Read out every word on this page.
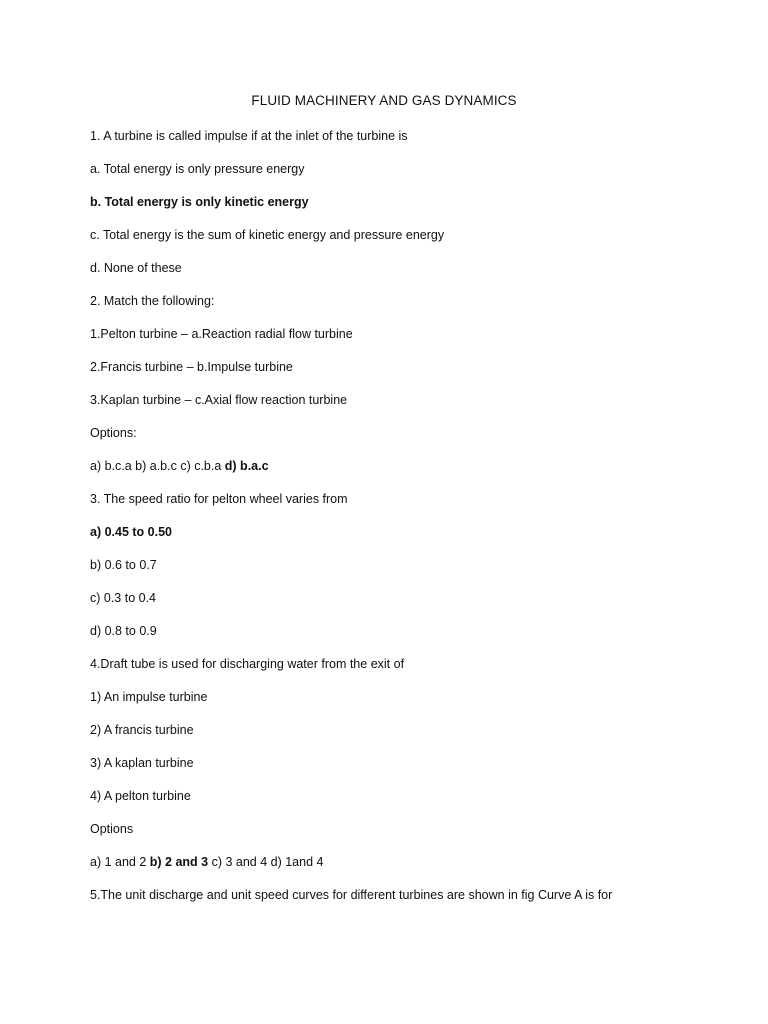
FLUID MACHINERY AND GAS DYNAMICS
1. A turbine is called impulse if at the inlet of the turbine is
a. Total energy is only pressure energy
b. Total energy is only kinetic energy
c. Total energy is the sum of kinetic energy and pressure energy
d. None of these
2. Match the following:
1.Pelton turbine – a.Reaction radial flow turbine
2.Francis turbine – b.Impulse turbine
3.Kaplan turbine – c.Axial flow reaction turbine
Options:
a) b.c.a b) a.b.c c) c.b.a d) b.a.c
3. The speed ratio for pelton wheel varies from
a) 0.45 to 0.50
b) 0.6 to 0.7
c) 0.3 to 0.4
d) 0.8 to 0.9
4.Draft tube is used for discharging water from the exit of
1) An impulse turbine
2) A francis turbine
3) A kaplan turbine
4) A pelton turbine
Options
a) 1 and 2 b) 2 and 3 c) 3 and 4 d) 1and 4
5.The unit discharge and unit speed curves for different turbines are shown in fig Curve A is for
